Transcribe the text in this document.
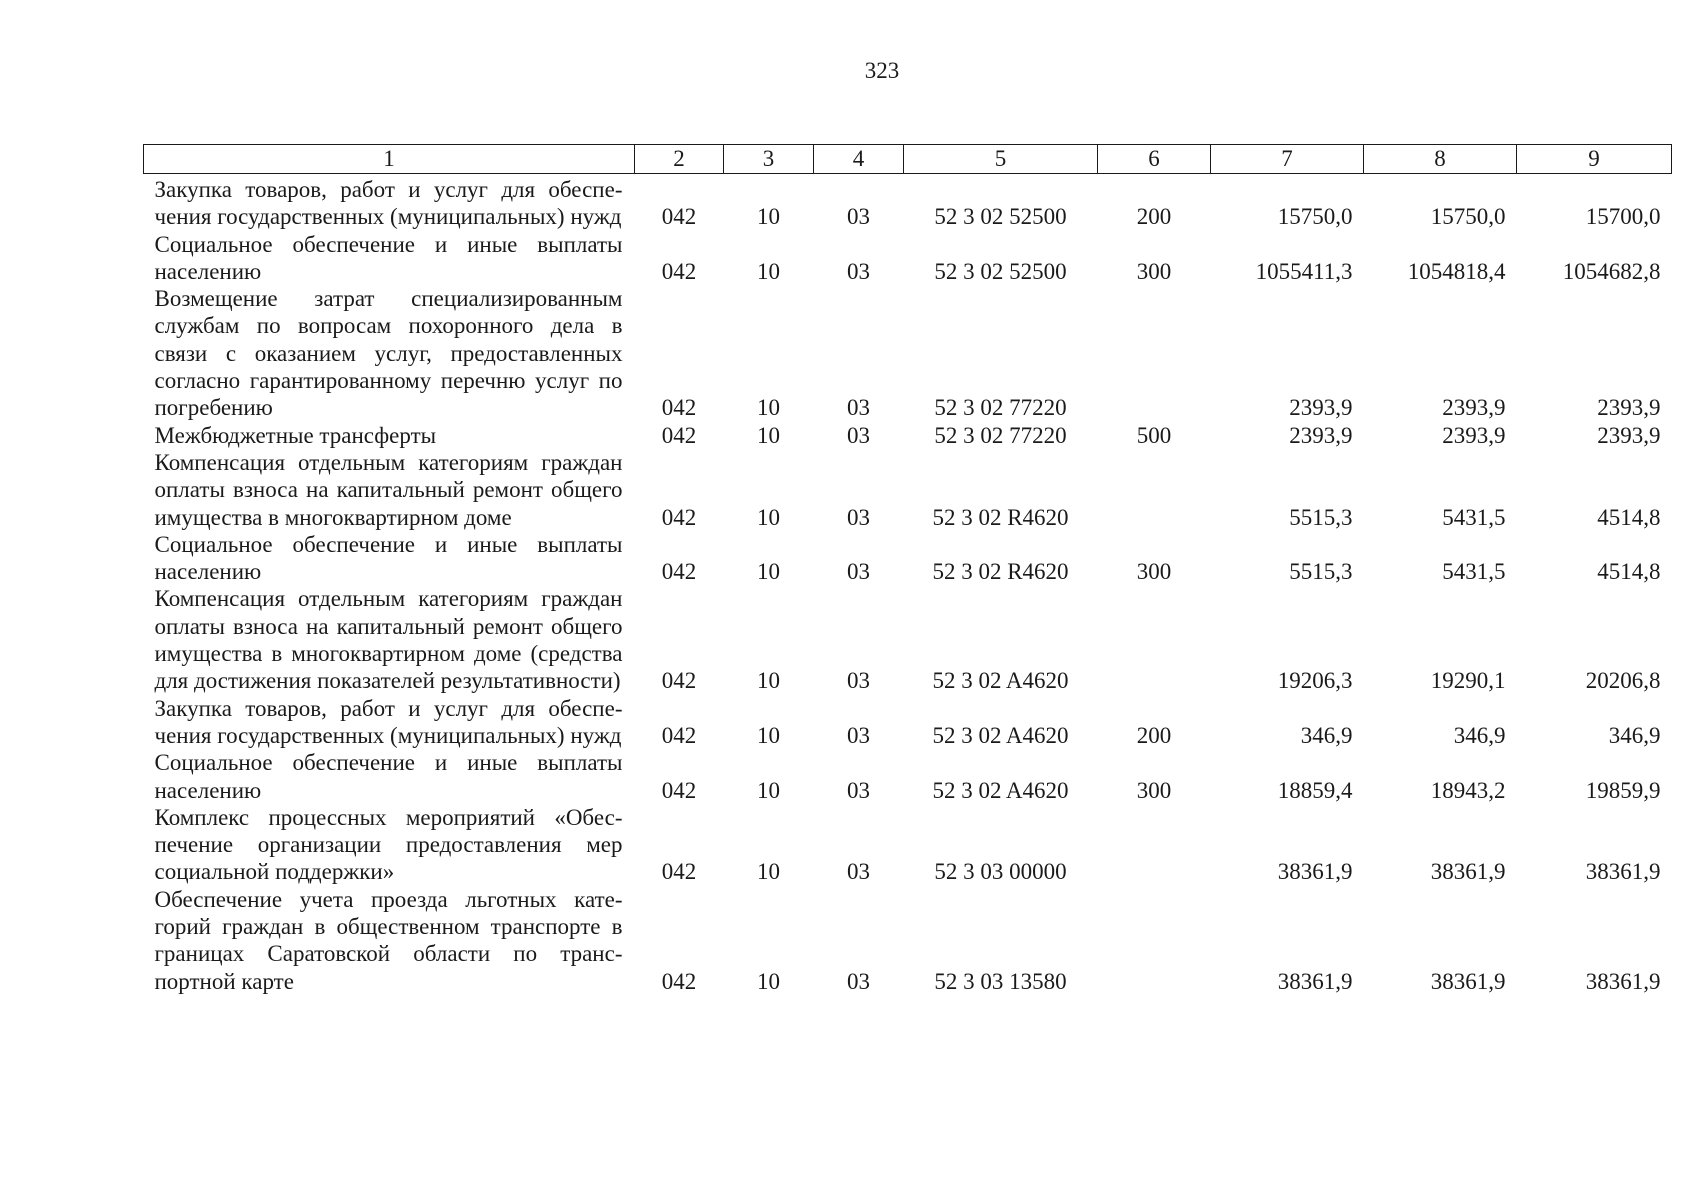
323
1	2	3	4	5	6	7	8	9
Закупка товаров, работ и услуг для обеспечения государственных (муниципальных) нужд	042	10	03	52 3 02 52500	200	15750,0	15750,0	15700,0
Социальное обеспечение и иные выплаты населению	042	10	03	52 3 02 52500	300	1055411,3	1054818,4	1054682,8
Возмещение затрат специализированным службам по вопросам похоронного дела в связи с оказанием услуг, предоставленных согласно гарантированному перечню услуг по погребению	042	10	03	52 3 02 77220		2393,9	2393,9	2393,9
Межбюджетные трансферты	042	10	03	52 3 02 77220	500	2393,9	2393,9	2393,9
Компенсация отдельным категориям граждан оплаты взноса на капитальный ремонт общего имущества в многоквартирном доме	042	10	03	52 3 02 R4620		5515,3	5431,5	4514,8
Социальное обеспечение и иные выплаты населению	042	10	03	52 3 02 R4620	300	5515,3	5431,5	4514,8
Компенсация отдельным категориям граждан оплаты взноса на капитальный ремонт общего имущества в многоквартирном доме (средства для достижения показателей результативности)	042	10	03	52 3 02 A4620		19206,3	19290,1	20206,8
Закупка товаров, работ и услуг для обеспечения государственных (муниципальных) нужд	042	10	03	52 3 02 A4620	200	346,9	346,9	346,9
Социальное обеспечение и иные выплаты населению	042	10	03	52 3 02 A4620	300	18859,4	18943,2	19859,9
Комплекс процессных мероприятий «Обеспечение организации предоставления мер социальной поддержки»	042	10	03	52 3 03 00000		38361,9	38361,9	38361,9
Обеспечение учета проезда льготных категорий граждан в общественном транспорте в границах Саратовской области по транспортной карте	042	10	03	52 3 03 13580		38361,9	38361,9	38361,9
